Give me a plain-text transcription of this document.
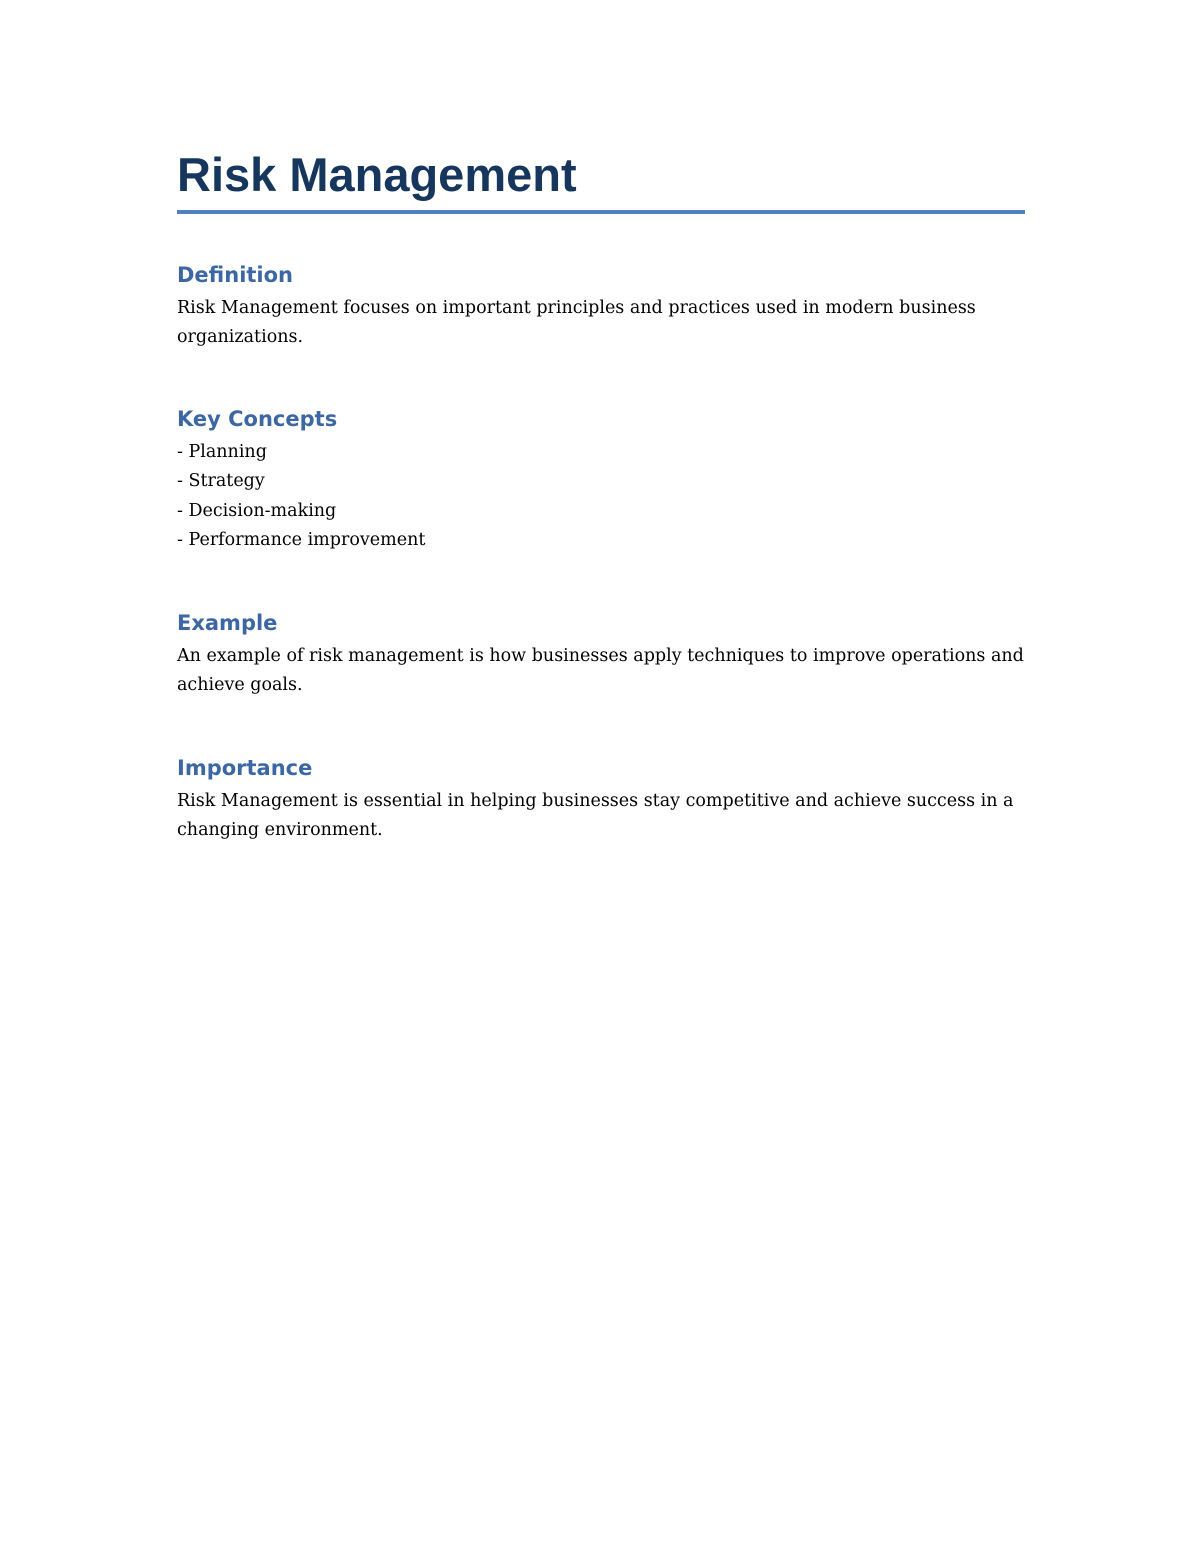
Risk Management
Definition

Risk Management focuses on important principles and practices used in modern business organizations.

Key Concepts
- Planning
- Strategy
- Decision-making
- Performance improvement
Example

An example of risk management is how businesses apply techniques to improve operations and achieve goals.

Importance

Risk Management is essential in helping businesses stay competitive and achieve success in a changing environment.
